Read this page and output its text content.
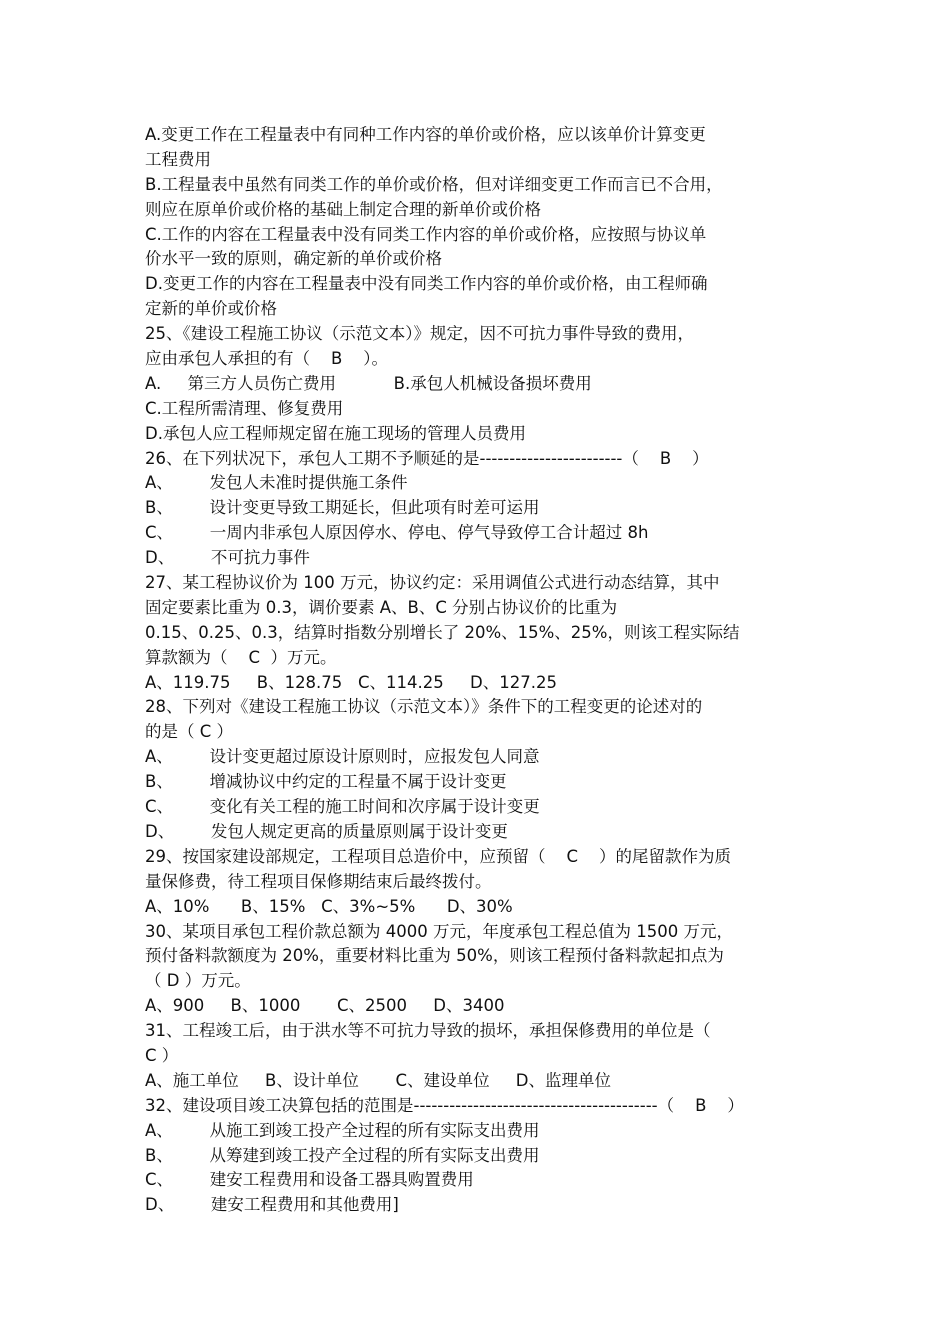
A.变更工作在工程量表中有同种工作内容的单价或价格，应以该单价计算变更
工程费用
B.工程量表中虽然有同类工作的单价或价格，但对详细变更工作而言已不合用，
则应在原单价或价格的基础上制定合理的新单价或价格
C.工作的内容在工程量表中没有同类工作内容的单价或价格，应按照与协议单
价水平一致的原则，确定新的单价或价格
D.变更工作的内容在工程量表中没有同类工作内容的单价或价格，由工程师确
定新的单价或价格
25、《建设工程施工协议（示范文本）》规定，因不可抗力事件导致的费用，
应由承包人承担的有（    B    ）。
A.     第三方人员伤亡费用           B.承包人机械设备损坏费用
C.工程所需清理、修复费用
D.承包人应工程师规定留在施工现场的管理人员费用
26、在下列状况下，承包人工期不予顺延的是------------------------（    B    ）
A、       发包人未准时提供施工条件
B、       设计变更导致工期延长，但此项有时差可运用
C、       一周内非承包人原因停水、停电、停气导致停工合计超过 8h
D、       不可抗力事件
27、某工程协议价为 100 万元，协议约定：采用调值公式进行动态结算，其中
固定要素比重为 0.3，调价要素 A、B、C 分别占协议价的比重为
0.15、0.25、0.3，结算时指数分别增长了 20%、15%、25%，则该工程实际结
算款额为（    C  ）万元。
A、119.75     B、128.75   C、114.25     D、127.25
28、下列对《建设工程施工协议（示范文本）》条件下的工程变更的论述对的
的是（ C ）
A、       设计变更超过原设计原则时，应报发包人同意
B、       增减协议中约定的工程量不属于设计变更
C、       变化有关工程的施工时间和次序属于设计变更
D、       发包人规定更高的质量原则属于设计变更
29、按国家建设部规定，工程项目总造价中，应预留（    C    ）的尾留款作为质
量保修费，待工程项目保修期结束后最终拨付。
A、10%      B、15%   C、3%~5%      D、30%
30、某项目承包工程价款总额为 4000 万元，年度承包工程总值为 1500 万元，
预付备料款额度为 20%，重要材料比重为 50%，则该工程预付备料款起扣点为
（ D ）万元。
A、900     B、1000       C、2500     D、3400
31、工程竣工后，由于洪水等不可抗力导致的损坏，承担保修费用的单位是（
C ）
A、施工单位     B、设计单位       C、建设单位     D、监理单位
32、建设项目竣工决算包括的范围是-----------------------------------------（    B    ）
A、       从施工到竣工投产全过程的所有实际支出费用
B、       从筹建到竣工投产全过程的所有实际支出费用
C、       建安工程费用和设备工器具购置费用
D、       建安工程费用和其他费用]
